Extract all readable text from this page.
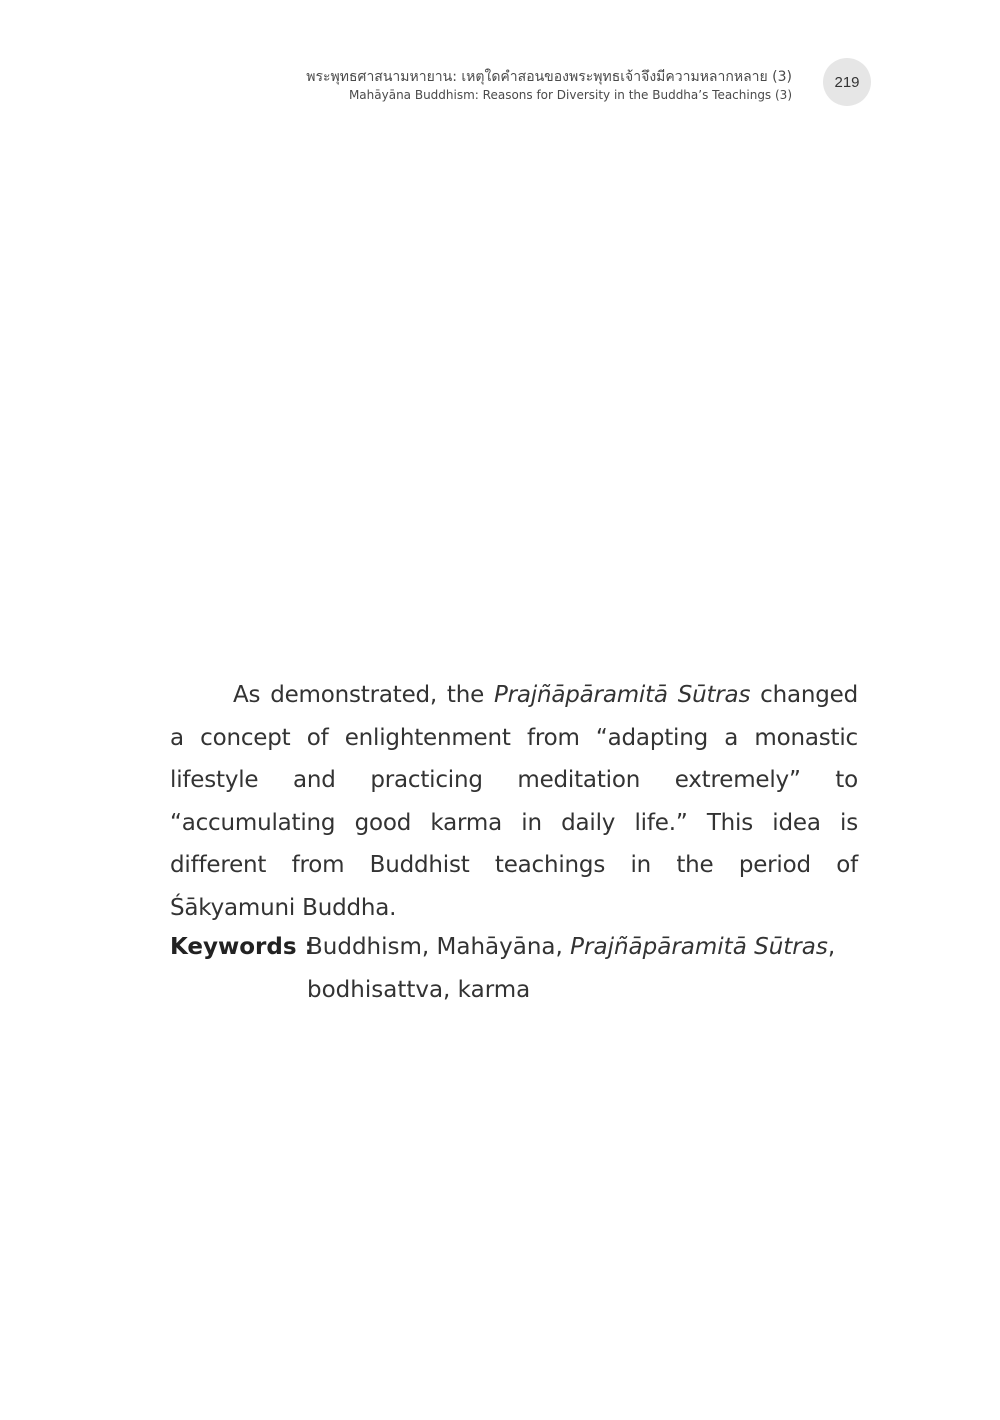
พระพุทธศาสนามหายาน: เหตุใดคำสอนของพระพุทธเจ้าจึงมีความหลากหลาย (3)
Mahāyāna Buddhism: Reasons for Diversity in the Buddha’s Teachings (3)
219

As demonstrated, the Prajñāpāramitā Sūtras changed a concept of enlightenment from “adapting a monastic lifestyle and practicing meditation extremely” to “accumulating good karma in daily life.” This idea is different from Buddhist teachings in the period of Śākyamuni Buddha.

Keywords :
Buddhism, Mahāyāna, Prajñāpāramitā Sūtras,
bodhisattva, karma
